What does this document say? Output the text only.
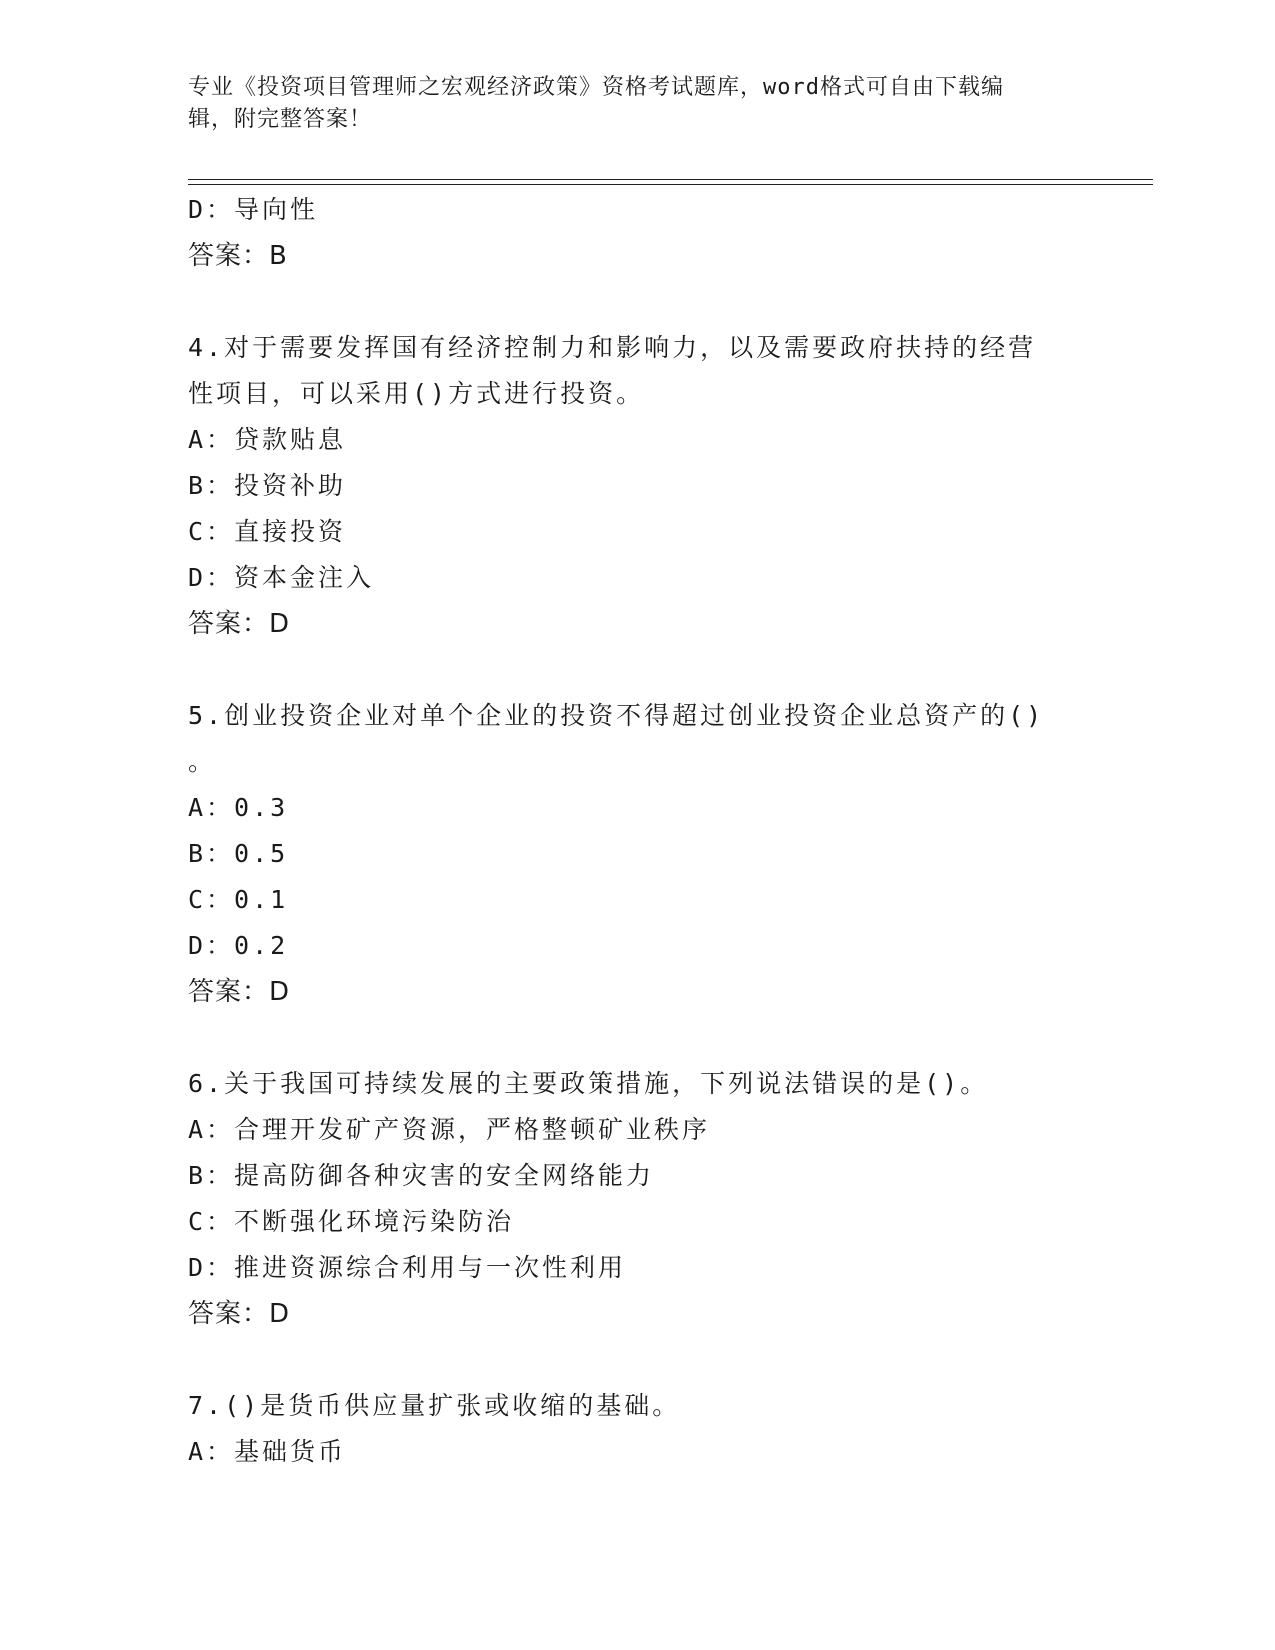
专业《投资项目管理师之宏观经济政策》资格考试题库，word格式可自由下载编
辑，附完整答案！
D：导向性
答案：B
4.对于需要发挥国有经济控制力和影响力，以及需要政府扶持的经营
性项目，可以采用()方式进行投资。
A：贷款贴息
B：投资补助
C：直接投资
D：资本金注入
答案：D
5.创业投资企业对单个企业的投资不得超过创业投资企业总资产的()
。
A：0.3
B：0.5
C：0.1
D：0.2
答案：D
6.关于我国可持续发展的主要政策措施，下列说法错误的是()。
A：合理开发矿产资源，严格整顿矿业秩序
B：提高防御各种灾害的安全网络能力
C：不断强化环境污染防治
D：推进资源综合利用与一次性利用
答案：D
7.()是货币供应量扩张或收缩的基础。
A：基础货币
